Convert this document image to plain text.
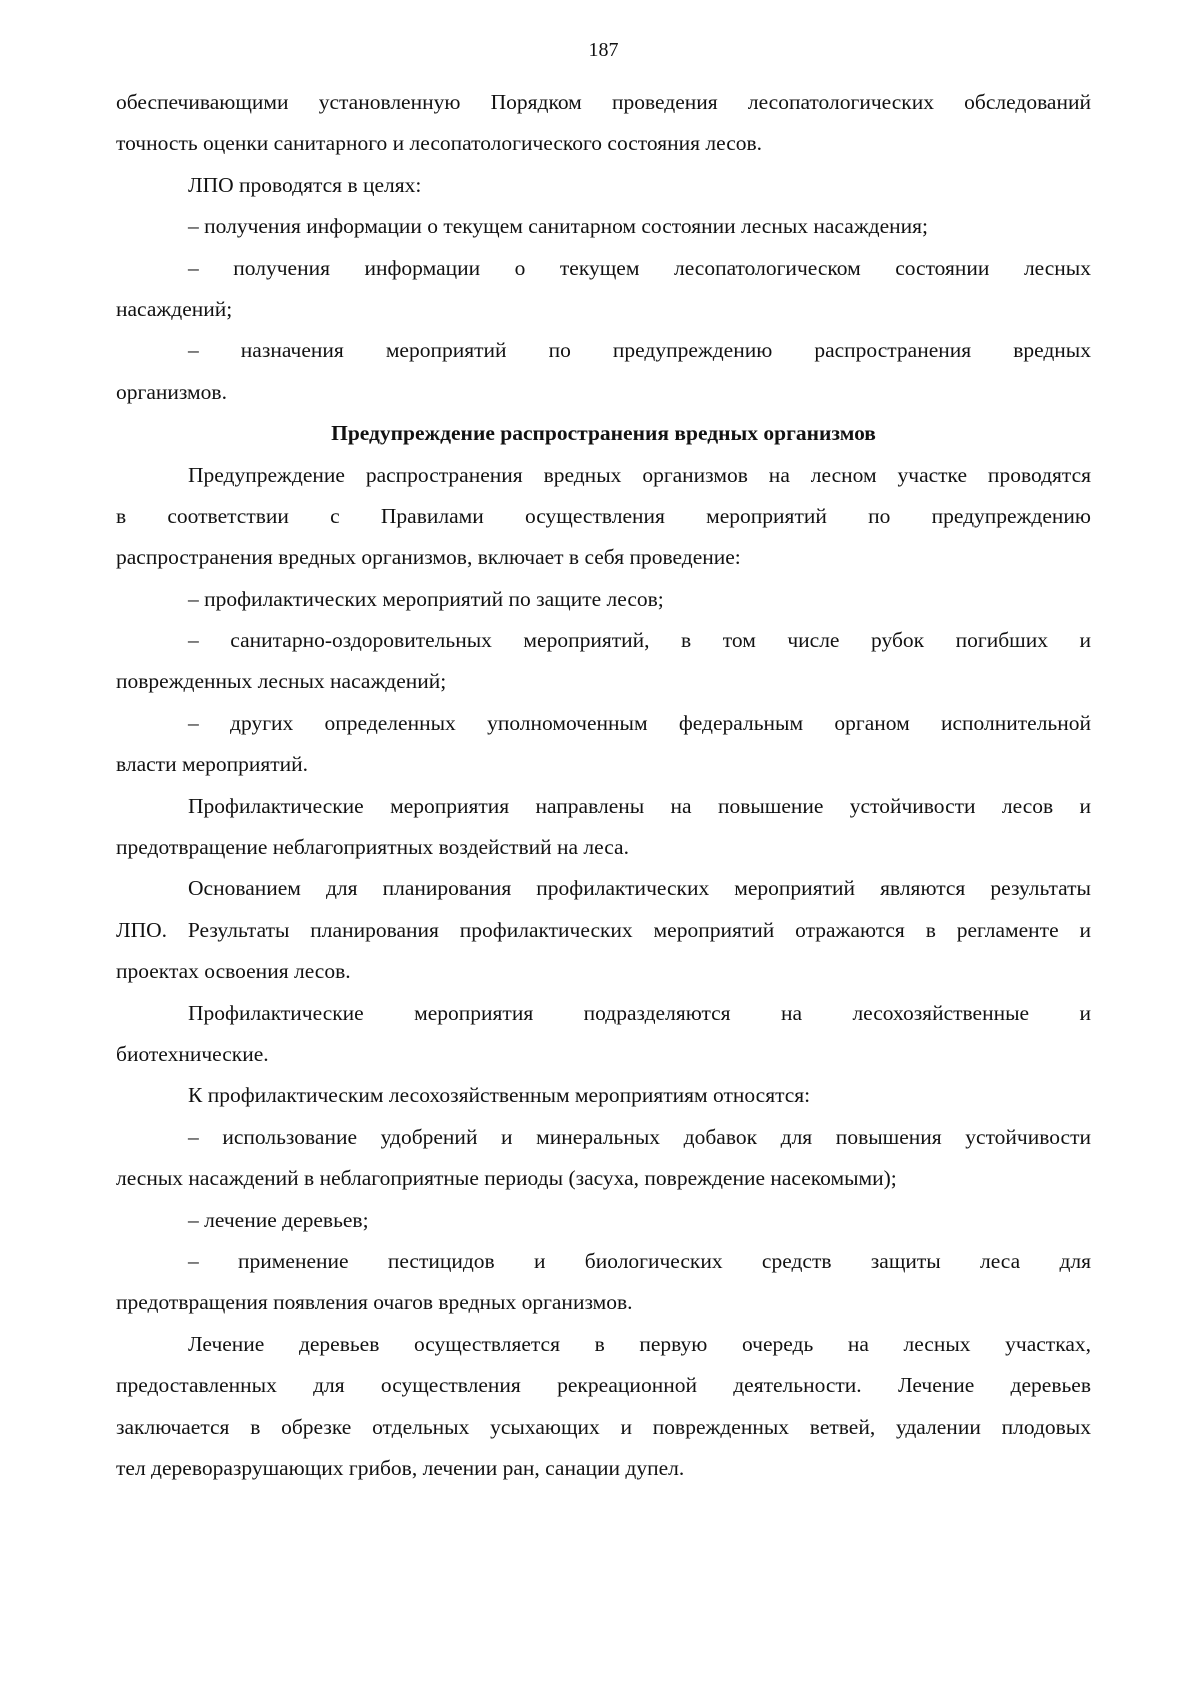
187
обеспечивающими установленную Порядком проведения лесопатологических обследований
точность оценки санитарного и лесопатологического состояния лесов.
ЛПО проводятся в целях:
– получения информации о текущем санитарном состоянии лесных насаждения;
– получения информации о текущем лесопатологическом состоянии лесных
насаждений;
– назначения мероприятий по предупреждению распространения вредных
организмов.
Предупреждение распространения вредных организмов
Предупреждение распространения вредных организмов на лесном участке проводятся
в соответствии с Правилами осуществления мероприятий по предупреждению
распространения вредных организмов, включает в себя проведение:
– профилактических мероприятий по защите лесов;
– санитарно-оздоровительных мероприятий, в том числе рубок погибших и
поврежденных лесных насаждений;
– других определенных уполномоченным федеральным органом исполнительной
власти мероприятий.
Профилактические мероприятия направлены на повышение устойчивости лесов и
предотвращение неблагоприятных воздействий на леса.
Основанием для планирования профилактических мероприятий являются результаты
ЛПО. Результаты планирования профилактических мероприятий отражаются в регламенте и
проектах освоения лесов.
Профилактические мероприятия подразделяются на лесохозяйственные и
биотехнические.
К профилактическим лесохозяйственным мероприятиям относятся:
– использование удобрений и минеральных добавок для повышения устойчивости
лесных насаждений в неблагоприятные периоды (засуха, повреждение насекомыми);
– лечение деревьев;
– применение пестицидов и биологических средств защиты леса для
предотвращения появления очагов вредных организмов.
Лечение деревьев осуществляется в первую очередь на лесных участках,
предоставленных для осуществления рекреационной деятельности. Лечение деревьев
заключается в обрезке отдельных усыхающих и поврежденных ветвей, удалении плодовых
тел дереворазрушающих грибов, лечении ран, санации дупел.
